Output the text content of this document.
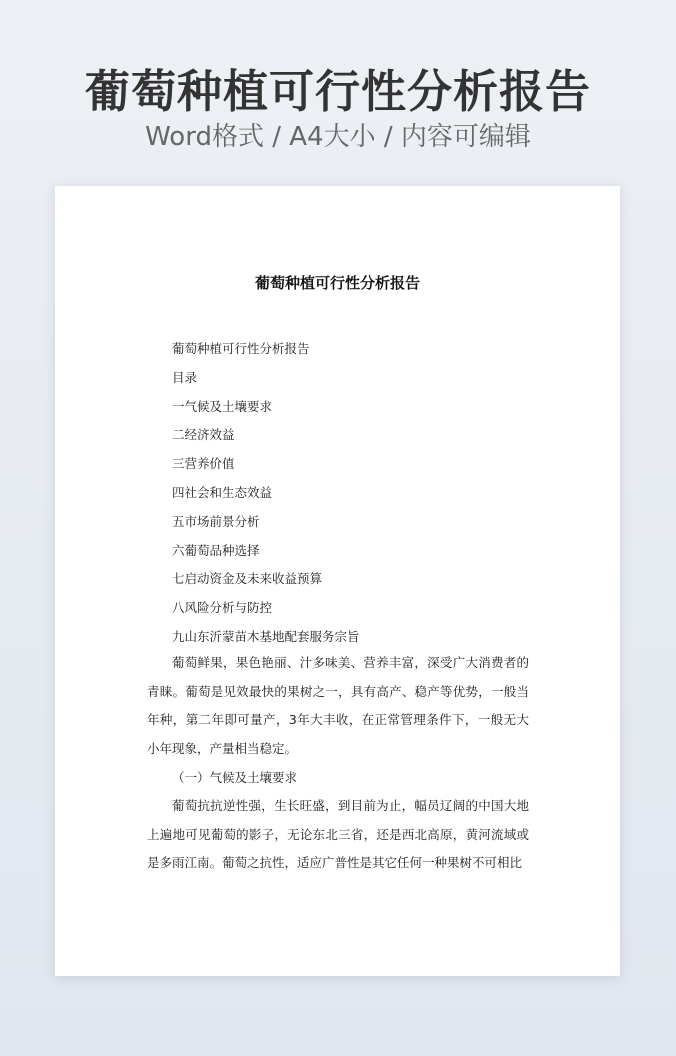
葡萄种植可行性分析报告
Word格式 / A4大小 / 内容可编辑
葡萄种植可行性分析报告
葡萄种植可行性分析报告
目录
一气候及土壤要求
二经济效益
三营养价值
四社会和生态效益
五市场前景分析
六葡萄品种选择
七启动资金及未来收益预算
八风险分析与防控
九山东沂蒙苗木基地配套服务宗旨

葡萄鲜果，果色艳丽、汁多味美、营养丰富，深受广大消费者的青睐。葡萄是见效最快的果树之一，具有高产、稳产等优势，一般当年种，第二年即可量产，3年大丰收，在正常管理条件下，一般无大小年现象，产量相当稳定。

（一）气候及土壤要求

葡萄抗抗逆性强，生长旺盛，到目前为止，幅员辽阔的中国大地上遍地可见葡萄的影子，无论东北三省，还是西北高原，黄河流域或是多雨江南。葡萄之抗性，适应广普性是其它任何一种果树不可相比
